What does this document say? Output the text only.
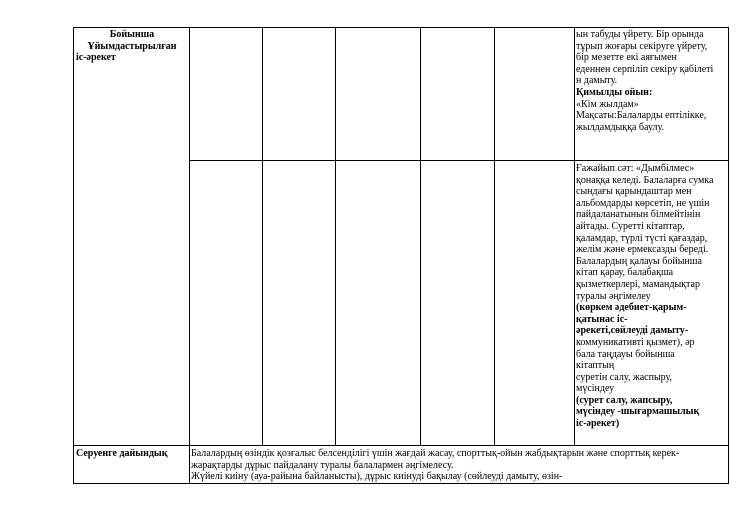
Бойынша
Ұйымдастырылған
іс-әрекет
ын табуды үйрету. Бір орында
тұрып жоғары секіруге үйрету,
бір мезетте екі аяғымен
еденнен серпіліп секіру қабілеті
н дамыту.
Қимылды ойын:
«Кім жылдам»
Мақсаты:Балаларды ептілікке,
жылдамдыққа баулу.
Ғажайып сәт: «Дымбілмес»
қонаққа келеді. Балаларға сумка
сындағы қарындаштар мен
альбомдарды көрсетіп, не үшін
пайдаланатынын білмейтінін
айтады. Суретті кітаптар,
қаламдар, түрлі түсті қағаздар,
желім және ермексазды береді.
Балалардың қалауы бойынша
кітап қарау, балабақша
қызметкерлері, мамандықтар
туралы әңгімелеу
(көркем әдебиет-қарым-
қатынас іс-
әрекеті,сөйлеуді дамыту-
коммуникативті қызмет), әр
бала таңдауы бойынша
кітаптың
суретін салу, жаспыру,
мүсіндеу
(сурет салу, жапсыру,
мүсіндеу -шығармашылық
іс-әрекет)
Серуенге дайындық Балалардың өзіндік қозғалыс белсенділігі үшін жағдай жасау, спорттық-ойын жабдықтарын және спорттық керек-
жарақтарды дұрыс пайдалану туралы балалармен әңгімелесу.
Жүйелі киіну (ауа-райына байланысты), дұрыс киінуді бақылау (сөйлеуді дамыту, өзін-
